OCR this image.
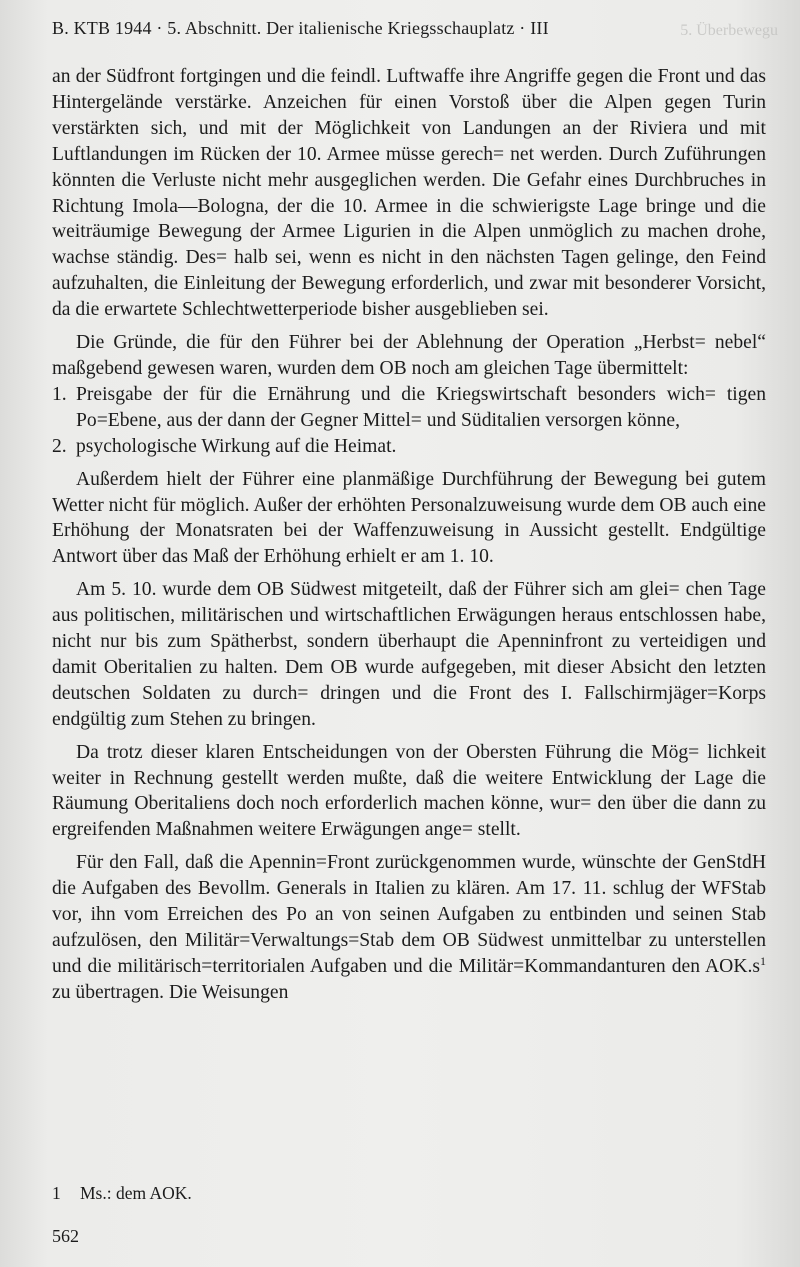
B. KTB 1944 · 5. Abschnitt. Der italienische Kriegsschauplatz · III	5. Überbewegu

an der Südfront fortgingen und die feindl. Luftwaffe ihre Angriffe gegen die Front und das Hintergelände verstärke. Anzeichen für einen Vorstoß über die Alpen gegen Turin verstärkten sich, und mit der Möglichkeit von Landungen an der Riviera und mit Luftlandungen im Rücken der 10. Armee müsse gerech= net werden. Durch Zuführungen könnten die Verluste nicht mehr ausgeglichen werden. Die Gefahr eines Durchbruches in Richtung Imola—Bologna, der die 10. Armee in die schwierigste Lage bringe und die weiträumige Bewegung der Armee Ligurien in die Alpen unmöglich zu machen drohe, wachse ständig. Des= halb sei, wenn es nicht in den nächsten Tagen gelinge, den Feind aufzuhalten, die Einleitung der Bewegung erforderlich, und zwar mit besonderer Vorsicht, da die erwartete Schlechtwetterperiode bisher ausgeblieben sei.

Die Gründe, die für den Führer bei der Ablehnung der Operation „Herbst= nebel“ maßgebend gewesen waren, wurden dem OB noch am gleichen Tage übermittelt:

1. Preisgabe der für die Ernährung und die Kriegswirtschaft besonders wich= tigen Po=Ebene, aus der dann der Gegner Mittel= und Süditalien versorgen könne,
2. psychologische Wirkung auf die Heimat.

Außerdem hielt der Führer eine planmäßige Durchführung der Bewegung bei gutem Wetter nicht für möglich. Außer der erhöhten Personalzuweisung wurde dem OB auch eine Erhöhung der Monatsraten bei der Waffenzuweisung in Aussicht gestellt. Endgültige Antwort über das Maß der Erhöhung erhielt er am 1. 10.

Am 5. 10. wurde dem OB Südwest mitgeteilt, daß der Führer sich am glei= chen Tage aus politischen, militärischen und wirtschaftlichen Erwägungen heraus entschlossen habe, nicht nur bis zum Spätherbst, sondern überhaupt die Apenninfront zu verteidigen und damit Oberitalien zu halten. Dem OB wurde aufgegeben, mit dieser Absicht den letzten deutschen Soldaten zu durch= dringen und die Front des I. Fallschirmjäger=Korps endgültig zum Stehen zu bringen.

Da trotz dieser klaren Entscheidungen von der Obersten Führung die Mög= lichkeit weiter in Rechnung gestellt werden mußte, daß die weitere Entwicklung der Lage die Räumung Oberitaliens doch noch erforderlich machen könne, wur= den über die dann zu ergreifenden Maßnahmen weitere Erwägungen ange= stellt.

Für den Fall, daß die Apennin=Front zurückgenommen wurde, wünschte der GenStdH die Aufgaben des Bevollm. Generals in Italien zu klären. Am 17. 11. schlug der WFStab vor, ihn vom Erreichen des Po an von seinen Aufgaben zu entbinden und seinen Stab aufzulösen, den Militär=Verwaltungs=Stab dem OB Südwest unmittelbar zu unterstellen und die militärisch=territorialen Aufgaben und die Militär=Kommandanturen den $AOK.s^1$ zu übertragen. Die Weisungen

1 Ms.: dem AOK.
562
